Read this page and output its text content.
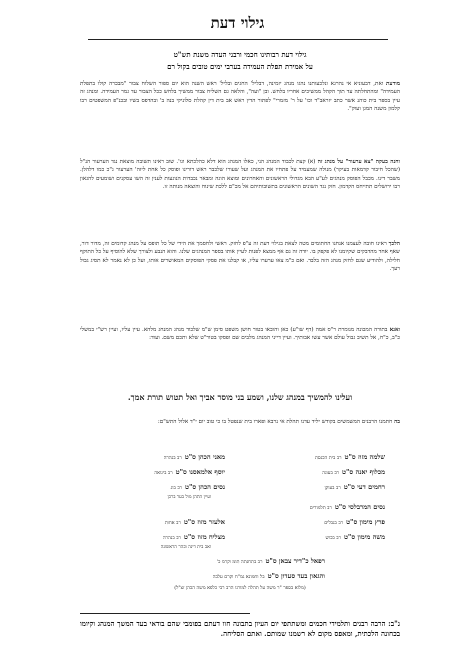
גילוי דעת
גילוי דעת רבותינו חכמי ורבני העדה משנת תש"ט
על אמירת תפלת העמידה בערבי ימים טובים בקול רם
מודעת ואת, דבעוניא אי נהרגא ונלכעותנו נהגו מנהג יזמינה, דבליל' החגים ובליל' ראש השנה הוא יום ספור השלוח צבור "מבכרה קולו בתפלת העמידה" ומהתחלתה עד תוך הקהל ממשיכים אחריו בלחש. ובן "ועה", והלאה גם השליח צבור ממשיך בלחש ככל הצבור עד גמר העמידה. ומנהג זה עיין בספר בית כוהנ אשר כתב יזראב"ד וכו' על ר' מזמרי" לפתור הדין ראש אב בית דין קהלת סלוניקי בנה ב' ובהדפס בשיו ובכנ"פ המשפטים רבו קלמון משנה המגן ועוק".
וחנה בעקה "צא ערעור" על מנהג זה (א) קצת לכבוד המנהג הני, כאלו המנהג הוא דלא כהלכתא וגו'. שוב ראינו תשובה מוצאת נגד הערעור הנ"ל (שהכל חיבור קדמאות בעיקר) מנולה שמעמיד על פתחיו את המנהג ועל שעורו שלכבר ראש דורינו ופוסק כל אחת ליזה' הערעור ג"כ כמו דלהלן. משבר דינו. מכבל הפוסק מנהגים לע"ע הבא מגדולי הראשונים והאחרונים ומוצא הוגה ומבאר נכבדות הנוגעות לענין זה השו עסקנים ושומעים להגאון רבו ירושלים תתייחס הקדמון. חזק נגד השונים הראשונים בתשובותיהם אל מכ"ם ללכת שינוח והוצאה מנותה זו.
הלכך ראינו חובה לעצמנו אנחנו החתומים מטה לצאת בגילוי דעת זה ע"פ לחזק. ראשי ולחסמך את הידי של כל תופס על מנהג קדומים זה, מדור דור, שאף אחד מהדבקים שקיומנו לא פקפק בו. יודה זה גם אף ממצא לפנות לעיין אותו בספר המנהגים שלנו. והוא הנבע ולצורך שלא להוסיף על כל התוקף חלילה, ולהודיע שגם לחזק מנהג הזה בלבד. ואם כ"מ צאו ערערו עליו, או קבלנו את פסקי הפוסקים המאושרים אותו, ועל כן לא נאמר לא תסיג גבול רעך.
ואנא בתורה המכונה מנומרת ר"ס אמה (דף שו"ע) כאן והובאו בטור חושן משפט סימן ש"מ שלכוד מנהג המנחג מלהא. עיין עליו, ועיין רש"י במשלי כ"ב, כ"ח, אל תשיב גבול עולם אשר עשו אבותיך. ועיין דייני המנהג מלבים שם ופסקו בטור"ט שלא ותכם משם. ועוד:
ועלינו להמשיך במנהג שלנו, ושמע בני מוסר אביך ואל תטוש תורת אמך.
בה חתמנו הרבנים המשמשים בקודש יליד עדנו תהלת אי נרבא ופארו בית שנפטל בו כי טוב יום י"ד אלול התש"ם:
שלמה מזוז ס"טרב בית הכנסת
מאני הכהן ס"טרב בנהרה
מכלוף יאנה ס"טרב בעוגה
יוסף אלמאסנו ס"טרב ביגואה
רחמים דעי ס"טרב בעוקן
נסים הכהן ס"טרב בוג
ועיין התהן מול בער ברכן
נסים המרבלסי ס"טרב תלמורים
פרץ מימון ס"טרב בנבלים
אלעזר מזוז ס"טרב אחות
משה מימון ס"טרב בכוש
מצליח מזוז ס"טרב בנהרה
ואב בית דינה ובהר הראשונה
רפאל כ"דיר צבאן ס"טרב בתחנתה תומ וקרמ כ'
והגאון בעד סעדון ס"טבל וחמונא גמ"ח וקרם עלבה
(מלוא בספר "ר משה על תהלה למורנו הרב רבי כלפא משה הכהן זצ"ל)
נ"ב: הרבה רבנים ותלמידי חכמים ומשתתפי יום העיון בתבונה חוו דעתם בפומבי שהם בודאי בעד המשך המנהג וקיומו בכחונה הלכתית, ומאפס מקום לא רשמנו שמותם. ואתם הסליחה.
